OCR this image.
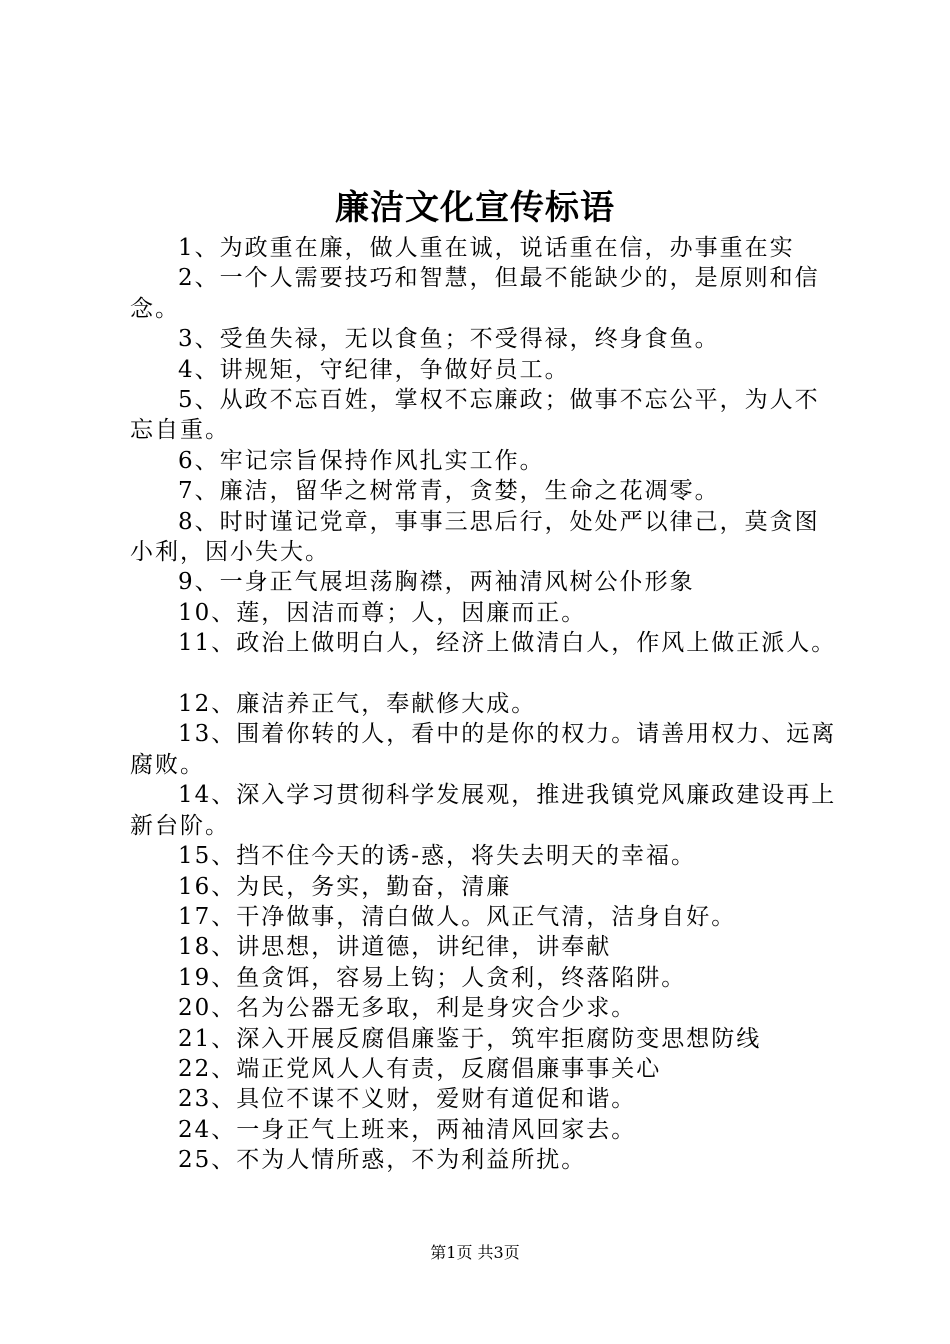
廉洁文化宣传标语

1、为政重在廉，做人重在诚，说话重在信，办事重在实

2、一个人需要技巧和智慧，但最不能缺少的，是原则和信念。

3、受鱼失禄，无以食鱼；不受得禄，终身食鱼。

4、讲规矩，守纪律，争做好员工。

5、从政不忘百姓，掌权不忘廉政；做事不忘公平，为人不忘自重。

6、牢记宗旨保持作风扎实工作。

7、廉洁，留华之树常青，贪婪，生命之花凋零。

8、时时谨记党章，事事三思后行，处处严以律己，莫贪图小利，因小失大。

9、一身正气展坦荡胸襟，两袖清风树公仆形象

10、莲，因洁而尊；人，因廉而正。

11、政治上做明白人，经济上做清白人，作风上做正派人。

12、廉洁养正气，奉献修大成。

13、围着你转的人，看中的是你的权力。请善用权力、远离腐败。

14、深入学习贯彻科学发展观，推进我镇党风廉政建设再上新台阶。

15、挡不住今天的诱-惑，将失去明天的幸福。

16、为民，务实，勤奋，清廉

17、干净做事，清白做人。风正气清，洁身自好。

18、讲思想，讲道德，讲纪律，讲奉献

19、鱼贪饵，容易上钩；人贪利，终落陷阱。

20、名为公器无多取，利是身灾合少求。

21、深入开展反腐倡廉鉴于，筑牢拒腐防变思想防线

22、端正党风人人有责，反腐倡廉事事关心

23、具位不谋不义财，爱财有道促和谐。

24、一身正气上班来，两袖清风回家去。

25、不为人情所惑，不为利益所扰。

第1页 共3页
